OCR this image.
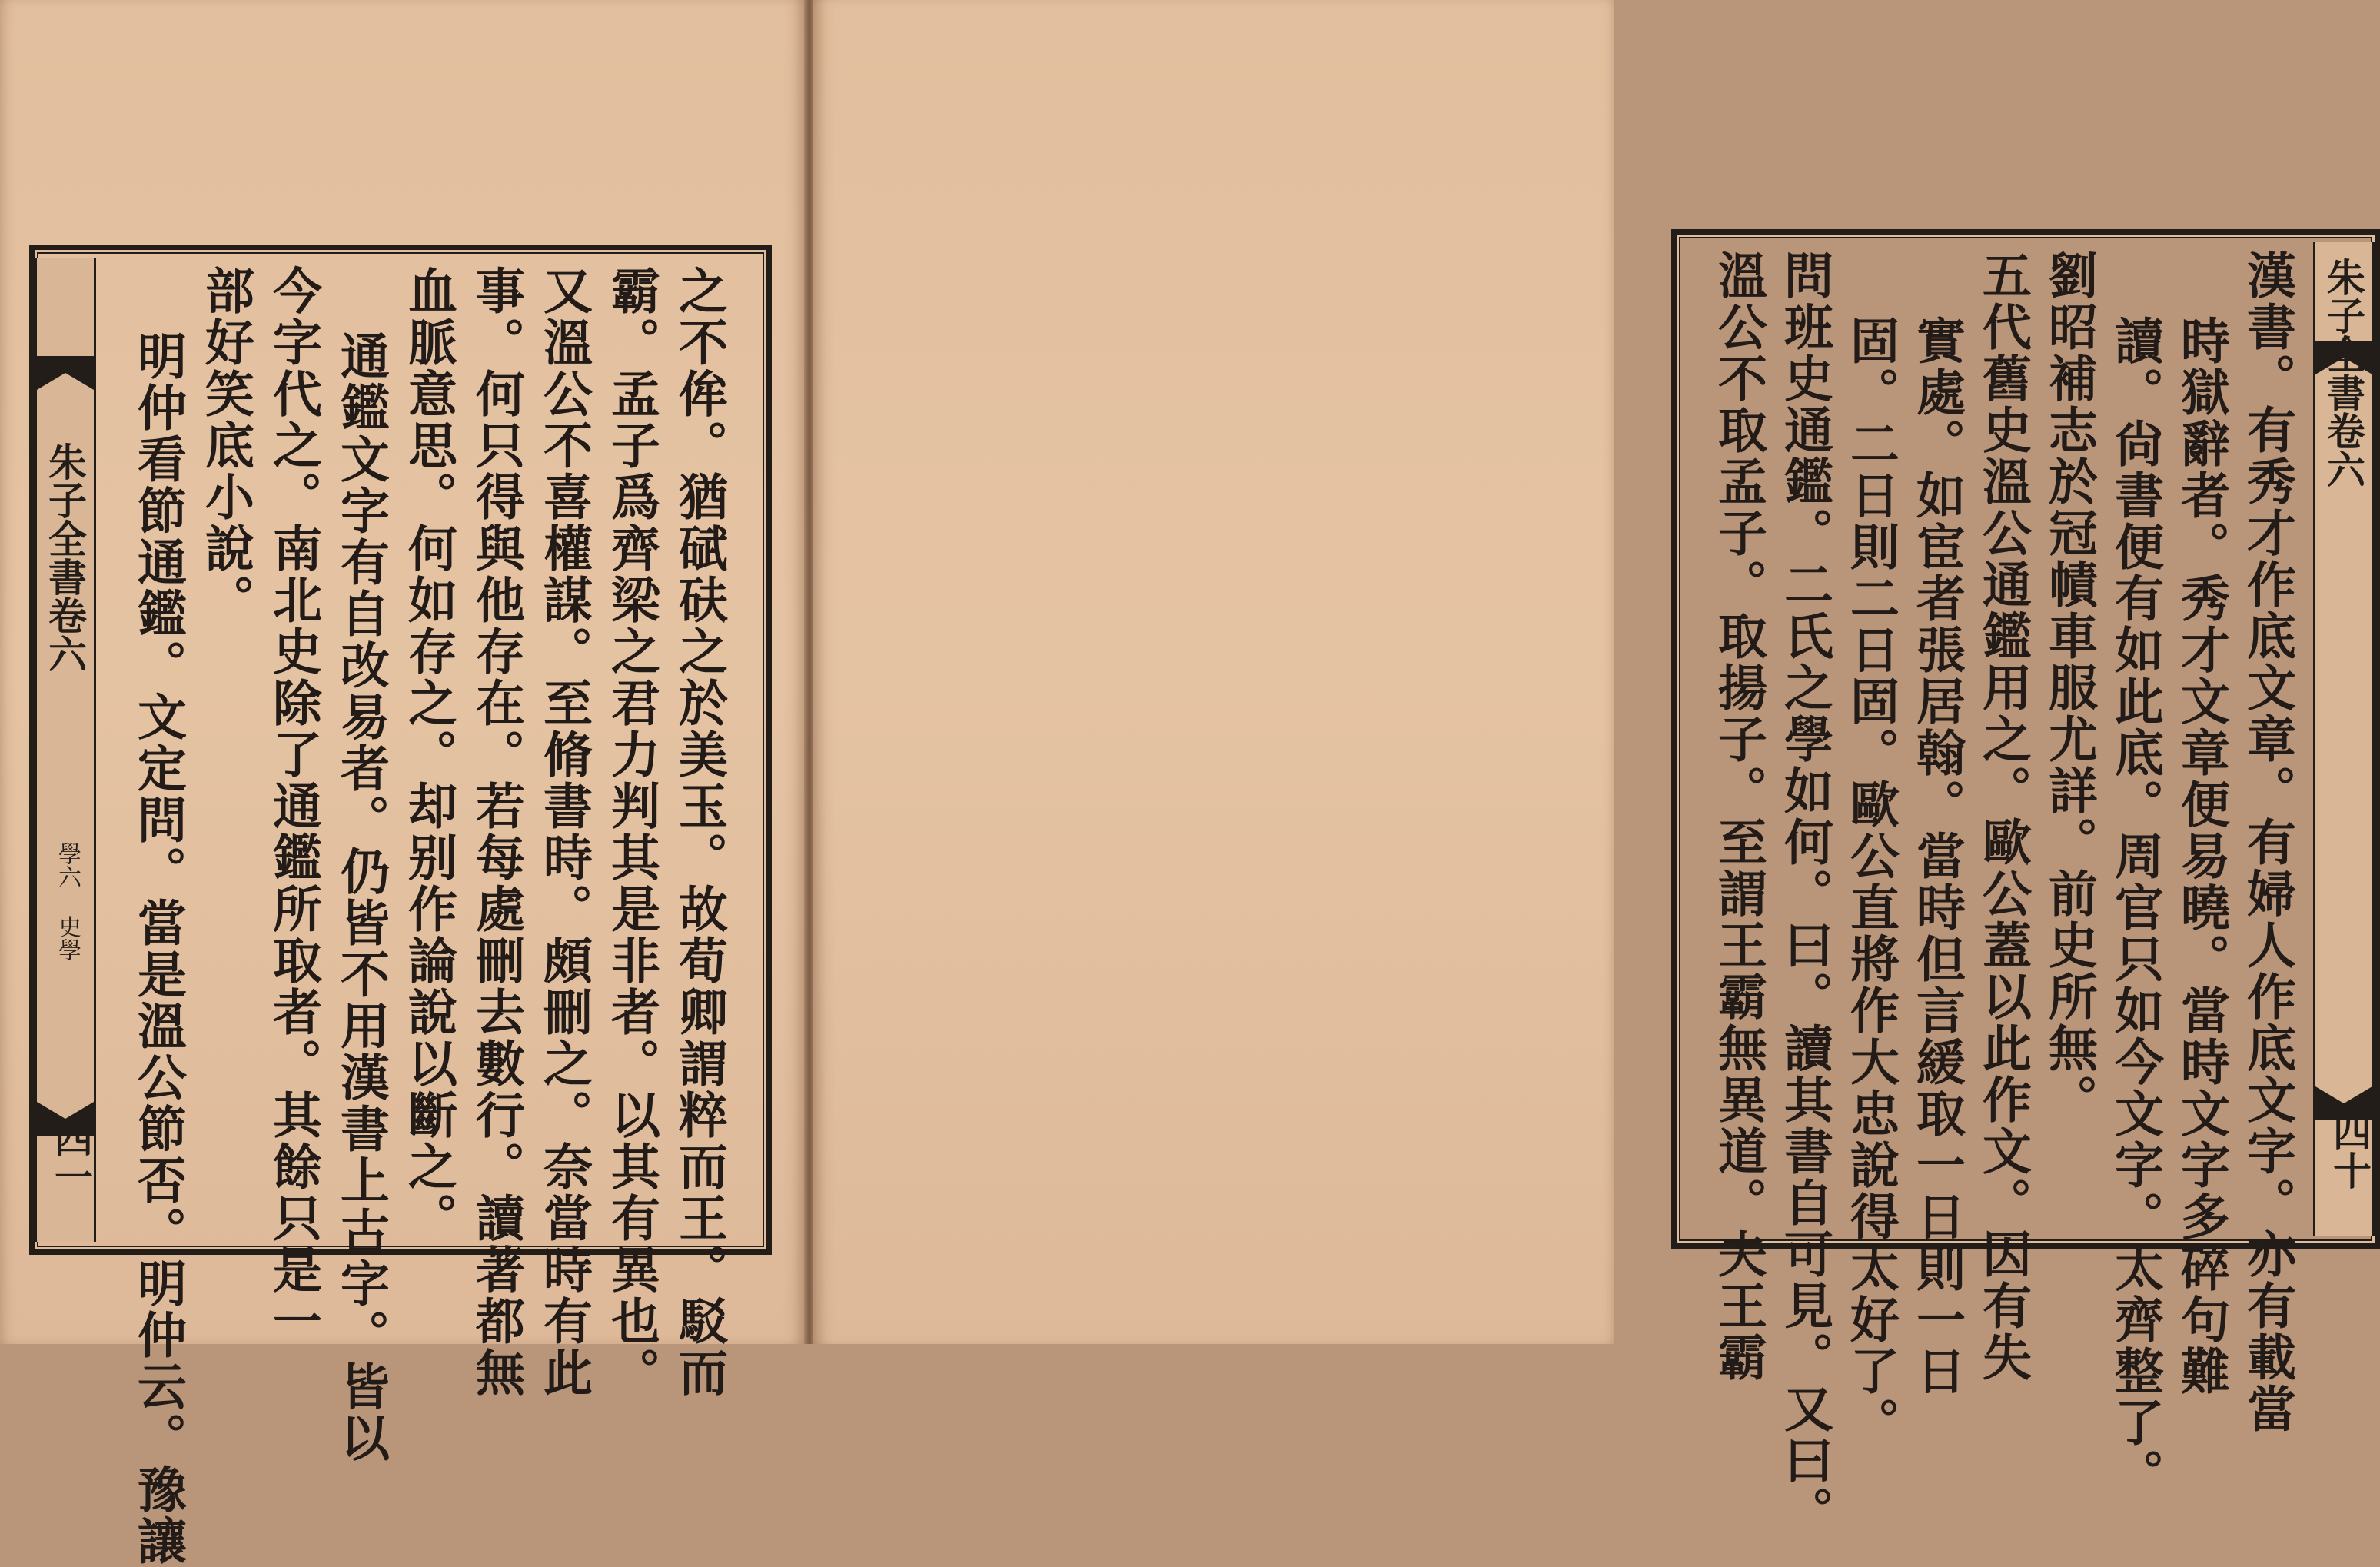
之不侔。猶碔砆之於美玉。故荀卿謂粹而王。駁而
霸。孟子爲齊梁之君力判其是非者。以其有異也。
又溫公不喜權謀。至脩書時。頗刪之。奈當時有此
事。何只得與他存在。若每處刪去數行。讀著都無
血脈意思。何如存之。却别作論說以斷之。
通鑑文字有自改易者。仍皆不用漢書上古字。皆以
今字代之。南北史除了通鑑所取者。其餘只是一
部好笑底小說。
明仲看節通鑑。文定問。當是溫公節否。明仲云。豫讓
朱子全書卷六
學六 史學
四一
朱子全書卷六
四十
漢書。有秀才作底文章。有婦人作底文字。亦有載當
時獄辭者。秀才文章便易曉。當時文字多碎句難
讀。尙書便有如此底。周官只如今文字。太齊整了。
劉昭補志於冠幘車服尤詳。前史所無。
五代舊史溫公通鑑用之。歐公蓋以此作文。因有失
實處。如宦者張居翰。當時但言緩取一日則一日
固。二日則二日固。歐公直將作大忠說得太好了。
問班史通鑑。二氏之學如何。曰。讀其書自可見。又曰。
溫公不取孟子。取揚子。至謂王霸無異道。夫王霸
